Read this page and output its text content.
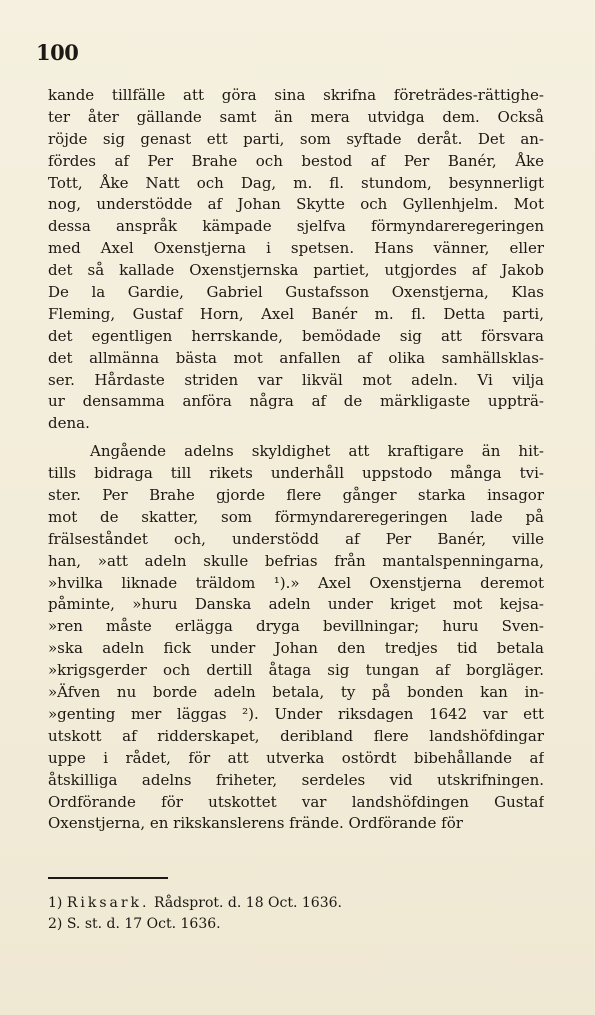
100
kande tillfälle att göra sina skrifna företrädes-rättighe-
ter åter gällande samt än mera utvidga dem. Också
röjde sig genast ett parti, som syftade deråt. Det an-
fördes af Per Brahe och bestod af Per Banér, Åke
Tott, Åke Natt och Dag, m. fl. stundom, besynnerligt
nog, understödde af Johan Skytte och Gyllenhjelm. Mot
dessa anspråk kämpade sjelfva förmyndareregeringen
med Axel Oxenstjerna i spetsen. Hans vänner, eller
det så kallade Oxenstjernska partiet, utgjordes af Jakob
De la Gardie, Gabriel Gustafsson Oxenstjerna, Klas
Fleming, Gustaf Horn, Axel Banér m. fl. Detta parti,
det egentligen herrskande, bemödade sig att försvara
det allmänna bästa mot anfallen af olika samhällsklas-
ser. Hårdaste striden var likväl mot adeln. Vi vilja
ur densamma anföra några af de märkligaste uppträ-
dena.
Angående adelns skyldighet att kraftigare än hit-
tills bidraga till rikets underhåll uppstodo många tvi-
ster. Per Brahe gjorde flere gånger starka insagor
mot de skatter, som förmyndareregeringen lade på
frälseståndet och, understödd af Per Banér, ville
han, »att adeln skulle befrias från mantalspenningarna,
»hvilka liknade träldom ¹).» Axel Oxenstjerna deremot
påminte, »huru Danska adeln under kriget mot kejsa-
»ren måste erlägga dryga bevillningar; huru Sven-
»ska adeln fick under Johan den tredjes tid betala
»krigsgerder och dertill åtaga sig tungan af borgläger.
»Äfven nu borde adeln betala, ty på bonden kan in-
»genting mer läggas ²). Under riksdagen 1642 var ett
utskott af ridderskapet, deribland flere landshöfdingar
uppe i rådet, för att utverka ostördt bibehållande af
åtskilliga adelns friheter, serdeles vid utskrifningen.
Ordförande för utskottet var landshöfdingen Gustaf
Oxenstjerna, en rikskanslerens frände. Ordförande för
1) Riksark. Rådsprot. d. 18 Oct. 1636.
2) S. st. d. 17 Oct. 1636.
